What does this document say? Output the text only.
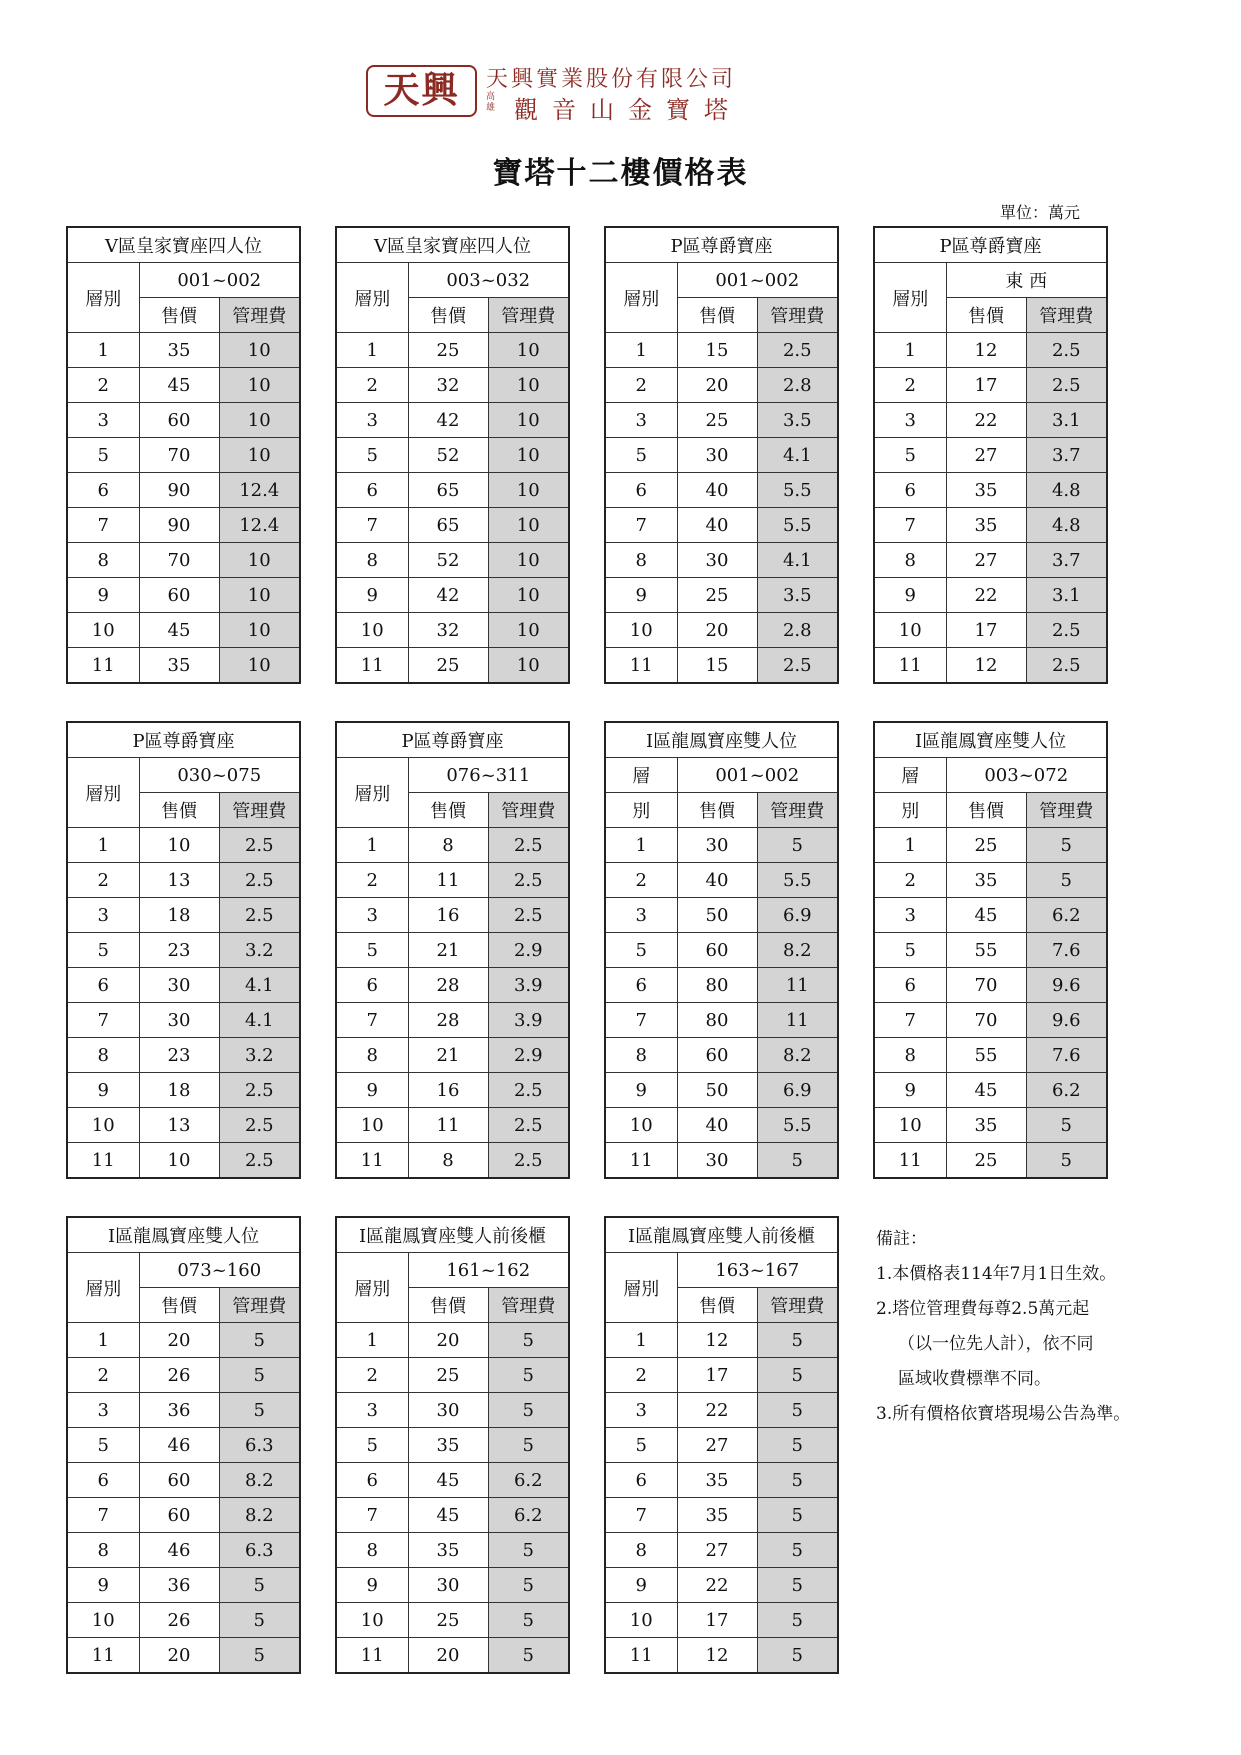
天興	天興實業股份有限公司
高雄 觀音山金寶塔
寶塔十二樓價格表
單位：萬元
V區皇家寶座四人位		
層別	001~002	
	售價	管理費
1	35	10
2	45	10
3	60	10
5	70	10
6	90	12.4
7	90	12.4
8	70	10
9	60	10
10	45	10
11	35	10
V區皇家寶座四人位		
層別	003~032	
	售價	管理費
1	25	10
2	32	10
3	42	10
5	52	10
6	65	10
7	65	10
8	52	10
9	42	10
10	32	10
11	25	10
P區尊爵寶座		
層別	001~002	
	售價	管理費
1	15	2.5
2	20	2.8
3	25	3.5
5	30	4.1
6	40	5.5
7	40	5.5
8	30	4.1
9	25	3.5
10	20	2.8
11	15	2.5
P區尊爵寶座		
層別	東 西	
	售價	管理費
1	12	2.5
2	17	2.5
3	22	3.1
5	27	3.7
6	35	4.8
7	35	4.8
8	27	3.7
9	22	3.1
10	17	2.5
11	12	2.5
P區尊爵寶座		
層別	030~075	
	售價	管理費
1	10	2.5
2	13	2.5
3	18	2.5
5	23	3.2
6	30	4.1
7	30	4.1
8	23	3.2
9	18	2.5
10	13	2.5
11	10	2.5
P區尊爵寶座		
層別	076~311	
	售價	管理費
1	8	2.5
2	11	2.5
3	16	2.5
5	21	2.9
6	28	3.9
7	28	3.9
8	21	2.9
9	16	2.5
10	11	2.5
11	8	2.5
I區龍鳳寶座雙人位		
層	001~002	
別	售價	管理費
1	30	5
2	40	5.5
3	50	6.9
5	60	8.2
6	80	11
7	80	11
8	60	8.2
9	50	6.9
10	40	5.5
11	30	5
I區龍鳳寶座雙人位		
層	003~072	
別	售價	管理費
1	25	5
2	35	5
3	45	6.2
5	55	7.6
6	70	9.6
7	70	9.6
8	55	7.6
9	45	6.2
10	35	5
11	25	5
I區龍鳳寶座雙人位		
層別	073~160	
	售價	管理費
1	20	5
2	26	5
3	36	5
5	46	6.3
6	60	8.2
7	60	8.2
8	46	6.3
9	36	5
10	26	5
11	20	5
I區龍鳳寶座雙人前後櫃		
層別	161~162	
	售價	管理費
1	20	5
2	25	5
3	30	5
5	35	5
6	45	6.2
7	45	6.2
8	35	5
9	30	5
10	25	5
11	20	5
I區龍鳳寶座雙人前後櫃		
層別	163~167	
	售價	管理費
1	12	5
2	17	5
3	22	5
5	27	5
6	35	5
7	35	5
8	27	5
9	22	5
10	17	5
11	12	5
備註：
1.本價格表114年7月1日生效。
2.塔位管理費每尊2.5萬元起
（以一位先人計），依不同
區域收費標準不同。
3.所有價格依寶塔現場公告為準。
